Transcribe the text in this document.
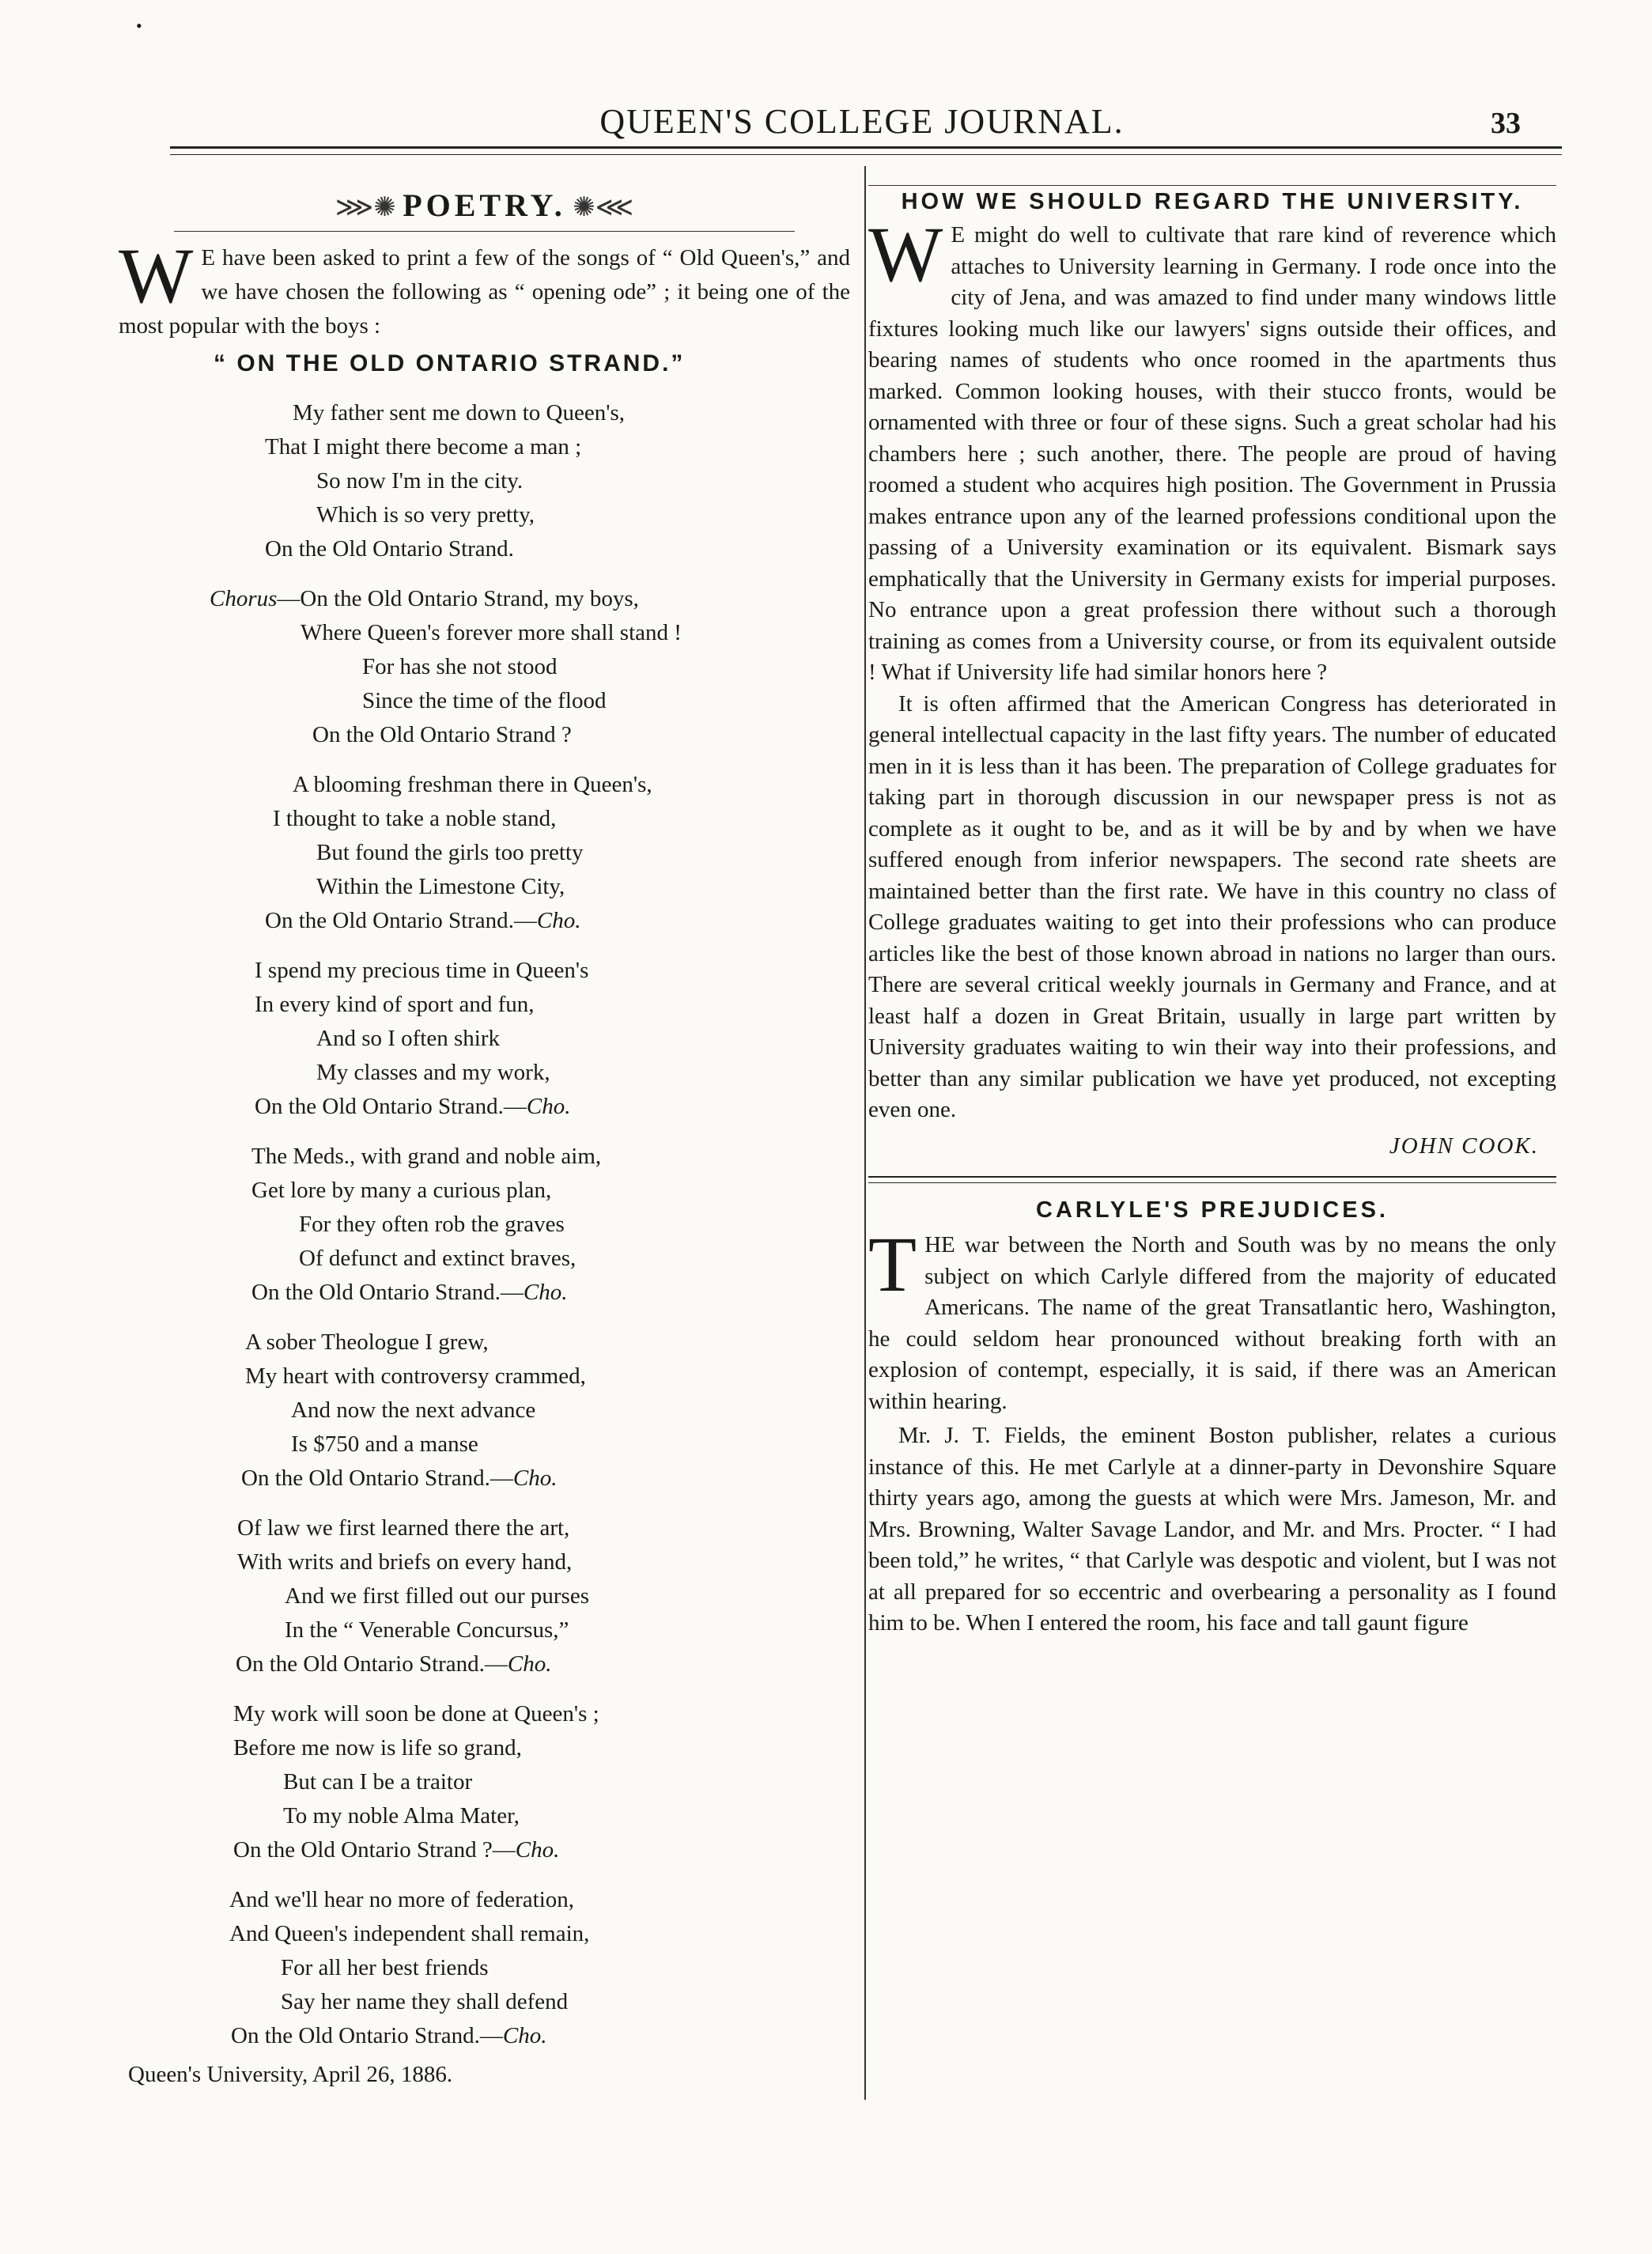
•
QUEEN'S COLLEGE JOURNAL.	33
⋙✺ POETRY. ✺⋘

W E have been asked to print a few of the songs of “ Old Queen's,” and we have chosen the following as “ opening ode” ; it being one of the most popular with the boys :

“ ON THE OLD ONTARIO STRAND.”
My father sent me down to Queen's,
That I might there become a man ;
So now I'm in the city.
Which is so very pretty,
On the Old Ontario Strand.
Chorus—On the Old Ontario Strand, my boys,
Where Queen's forever more shall stand !
For has she not stood
Since the time of the flood
On the Old Ontario Strand ?
A blooming freshman there in Queen's,
I thought to take a noble stand,
But found the girls too pretty
Within the Limestone City,
On the Old Ontario Strand.—Cho.
I spend my precious time in Queen's
In every kind of sport and fun,
And so I often shirk
My classes and my work,
On the Old Ontario Strand.—Cho.
The Meds., with grand and noble aim,
Get lore by many a curious plan,
For they often rob the graves
Of defunct and extinct braves,
On the Old Ontario Strand.—Cho.
A sober Theologue I grew,
My heart with controversy crammed,
And now the next advance
Is $750 and a manse
On the Old Ontario Strand.—Cho.
Of law we first learned there the art,
With writs and briefs on every hand,
And we first filled out our purses
In the “ Venerable Concursus,”
On the Old Ontario Strand.—Cho.
My work will soon be done at Queen's ;
Before me now is life so grand,
But can I be a traitor
To my noble Alma Mater,
On the Old Ontario Strand ?—Cho.
And we'll hear no more of federation,
And Queen's independent shall remain,
For all her best friends
Say her name they shall defend
On the Old Ontario Strand.—Cho.
Queen's University, April 26, 1886.
HOW WE SHOULD REGARD THE UNIVERSITY.

W E might do well to cultivate that rare kind of reverence which attaches to University learning in Germany. I rode once into the city of Jena, and was amazed to find under many windows little fixtures looking much like our lawyers' signs outside their offices, and bearing names of students who once roomed in the apartments thus marked. Common looking houses, with their stucco fronts, would be ornamented with three or four of these signs. Such a great scholar had his chambers here ; such another, there. The people are proud of having roomed a student who acquires high position. The Government in Prussia makes entrance upon any of the learned professions conditional upon the passing of a University examination or its equivalent. Bismark says emphatically that the University in Germany exists for imperial purposes. No entrance upon a great profession there without such a thorough training as comes from a University course, or from its equivalent outside ! What if University life had similar honors here ?

It is often affirmed that the American Congress has deteriorated in general intellectual capacity in the last fifty years. The number of educated men in it is less than it has been. The preparation of College graduates for taking part in thorough discussion in our newspaper press is not as complete as it ought to be, and as it will be by and by when we have suffered enough from inferior newspapers. The second rate sheets are maintained better than the first rate. We have in this country no class of College graduates waiting to get into their professions who can produce articles like the best of those known abroad in nations no larger than ours. There are several critical weekly journals in Germany and France, and at least half a dozen in Great Britain, usually in large part written by University graduates waiting to win their way into their professions, and better than any similar publication we have yet produced, not excepting even one.

JOHN COOK.
CARLYLE'S PREJUDICES.

THE war between the North and South was by no means the only subject on which Carlyle differed from the majority of educated Americans. The name of the great Transatlantic hero, Washington, he could seldom hear pronounced without breaking forth with an explosion of contempt, especially, it is said, if there was an American within hearing.

Mr. J. T. Fields, the eminent Boston publisher, relates a curious instance of this. He met Carlyle at a dinner-party in Devonshire Square thirty years ago, among the guests at which were Mrs. Jameson, Mr. and Mrs. Browning, Walter Savage Landor, and Mr. and Mrs. Procter. “ I had been told,” he writes, “ that Carlyle was despotic and violent, but I was not at all prepared for so eccentric and overbearing a personality as I found him to be. When I entered the room, his face and tall gaunt figure
